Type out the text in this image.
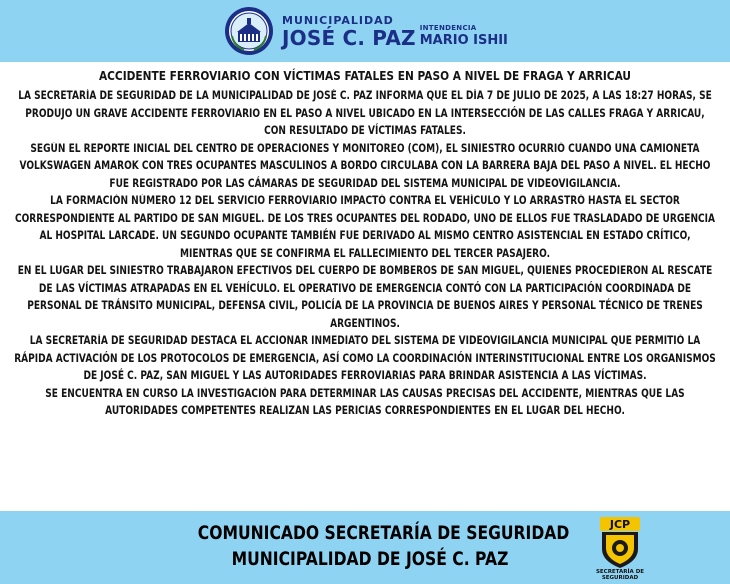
MUNICIPALIDAD
JOSÉ C. PAZ INTENDENCIA
MARIO ISHII
ACCIDENTE FERROVIARIO CON VÍCTIMAS FATALES EN PASO A NIVEL DE FRAGA Y ARRICAU

LA SECRETARÍA DE SEGURIDAD DE LA MUNICIPALIDAD DE JOSÉ C. PAZ INFORMA QUE EL DÍA 7 DE JULIO DE 2025, A LAS 18:27 HORAS, SE PRODUJO UN GRAVE ACCIDENTE FERROVIARIO EN EL PASO A NIVEL UBICADO EN LA INTERSECCIÓN DE LAS CALLES FRAGA Y ARRICAU, CON RESULTADO DE VÍCTIMAS FATALES.

SEGÚN EL REPORTE INICIAL DEL CENTRO DE OPERACIONES Y MONITOREO (COM), EL SINIESTRO OCURRIÓ CUANDO UNA CAMIONETA VOLKSWAGEN AMAROK CON TRES OCUPANTES MASCULINOS A BORDO CIRCULABA CON LA BARRERA BAJA DEL PASO A NIVEL. EL HECHO FUE REGISTRADO POR LAS CÁMARAS DE SEGURIDAD DEL SISTEMA MUNICIPAL DE VIDEOVIGILANCIA.

LA FORMACIÓN NÚMERO 12 DEL SERVICIO FERROVIARIO IMPACTÓ CONTRA EL VEHÍCULO Y LO ARRASTRÓ HASTA EL SECTOR CORRESPONDIENTE AL PARTIDO DE SAN MIGUEL. DE LOS TRES OCUPANTES DEL RODADO, UNO DE ELLOS FUE TRASLADADO DE URGENCIA AL HOSPITAL LARCADE. UN SEGUNDO OCUPANTE TAMBIÉN FUE DERIVADO AL MISMO CENTRO ASISTENCIAL EN ESTADO CRÍTICO, MIENTRAS QUE SE CONFIRMA EL FALLECIMIENTO DEL TERCER PASAJERO.

EN EL LUGAR DEL SINIESTRO TRABAJARON EFECTIVOS DEL CUERPO DE BOMBEROS DE SAN MIGUEL, QUIENES PROCEDIERON AL RESCATE DE LAS VÍCTIMAS ATRAPADAS EN EL VEHÍCULO. EL OPERATIVO DE EMERGENCIA CONTÓ CON LA PARTICIPACIÓN COORDINADA DE PERSONAL DE TRÁNSITO MUNICIPAL, DEFENSA CIVIL, POLICÍA DE LA PROVINCIA DE BUENOS AIRES Y PERSONAL TÉCNICO DE TRENES ARGENTINOS.

LA SECRETARÍA DE SEGURIDAD DESTACA EL ACCIONAR INMEDIATO DEL SISTEMA DE VIDEOVIGILANCIA MUNICIPAL QUE PERMITIÓ LA RÁPIDA ACTIVACIÓN DE LOS PROTOCOLOS DE EMERGENCIA, ASÍ COMO LA COORDINACIÓN INTERINSTITUCIONAL ENTRE LOS ORGANISMOS DE JOSÉ C. PAZ, SAN MIGUEL Y LAS AUTORIDADES FERROVIARIAS PARA BRINDAR ASISTENCIA A LAS VÍCTIMAS.

SE ENCUENTRA EN CURSO LA INVESTIGACIÓN PARA DETERMINAR LAS CAUSAS PRECISAS DEL ACCIDENTE, MIENTRAS QUE LAS AUTORIDADES COMPETENTES REALIZAN LAS PERICIAS CORRESPONDIENTES EN EL LUGAR DEL HECHO.

COMUNICADO SECRETARÍA DE SEGURIDAD
MUNICIPALIDAD DE JOSÉ C. PAZ
JCP
SECRETARÍA DE
SEGURIDAD
